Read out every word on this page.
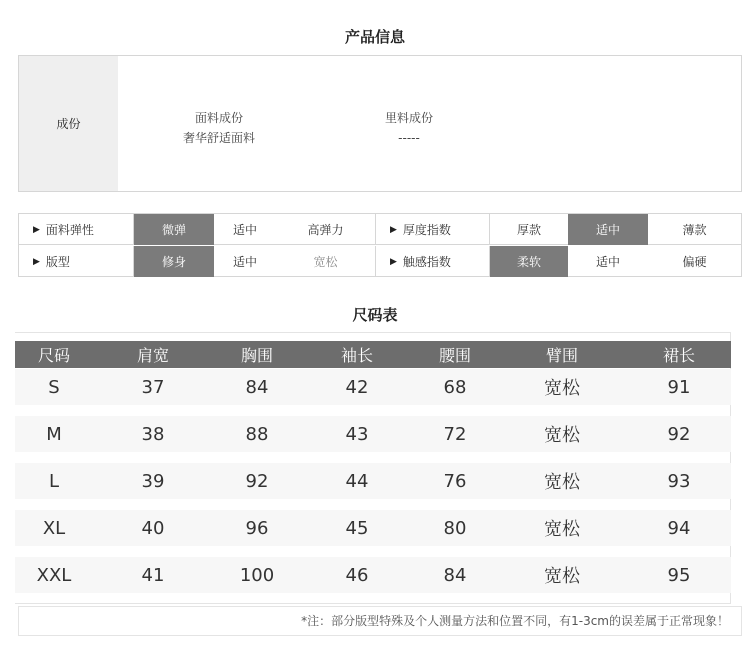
产品信息
成份	面料成份
奢华舒适面料
里料成份
-----
▶ 面料弹性	微弹	适中	高弹力	▶ 厚度指数	厚款	适中	薄款
▶ 版型	修身	适中	宽松	▶ 触感指数	柔软	适中	偏硬
尺码表
尺码	肩宽	胸围	袖长	腰围	臂围	裙长
S	37	84	42	68	宽松	91
M	38	88	43	72	宽松	92
L	39	92	44	76	宽松	93
XL	40	96	45	80	宽松	94
XXL	41	100	46	84	宽松	95
*注：部分版型特殊及个人测量方法和位置不同，有1-3cm的误差属于正常现象！
